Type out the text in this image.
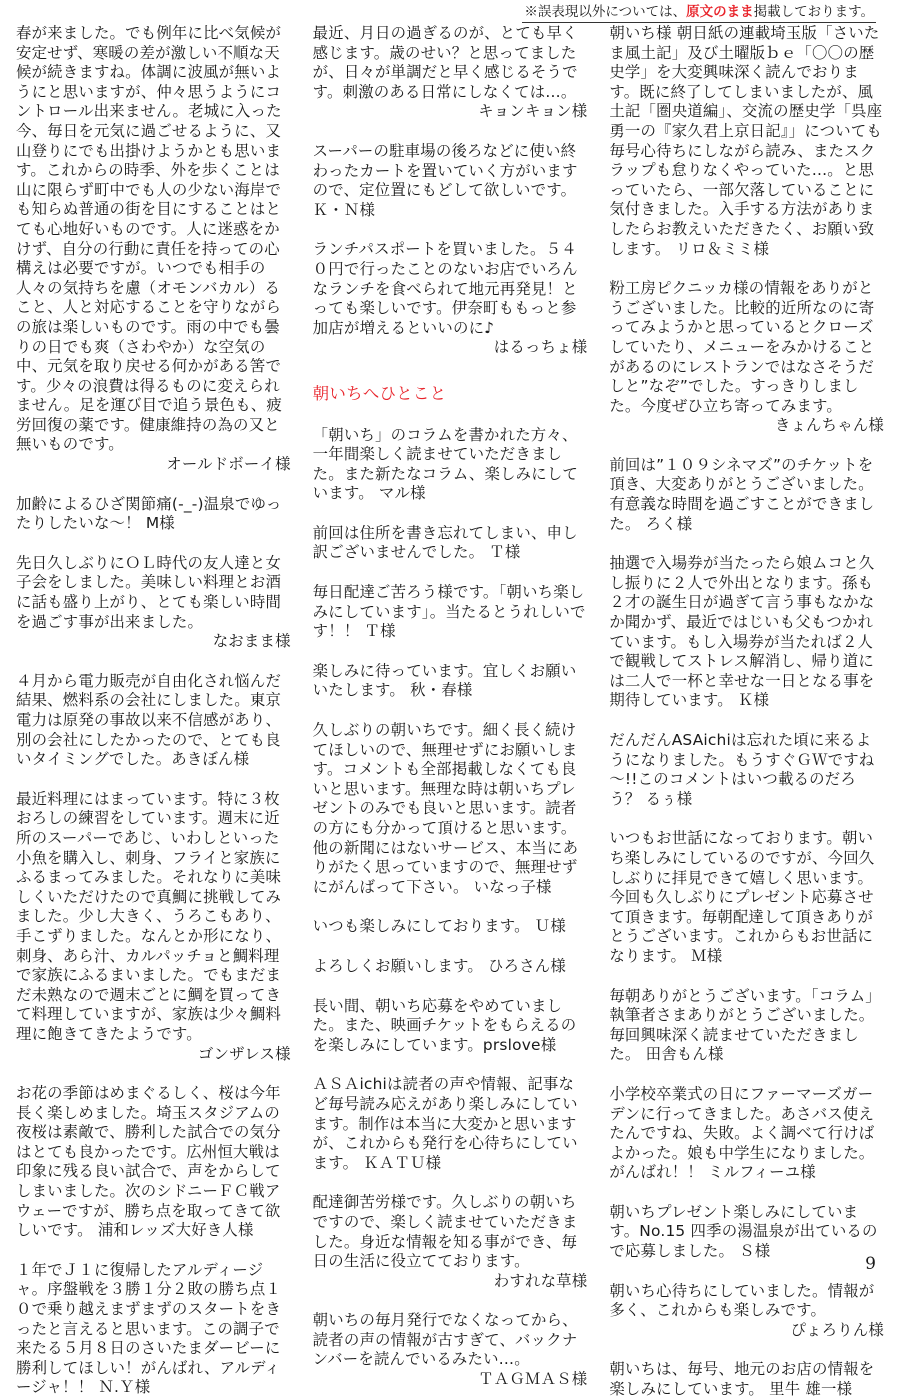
※誤表現以外については、原文のまま掲載しております。

春が来ました。でも例年に比べ気候が安定せず、寒暖の差が激しい不順な天候が続きますね。体調に波風が無いようにと思いますが、仲々思うようにコントロール出来ません。老城に入った今、毎日を元気に過ごせるように、又山登りにでも出掛けようかとも思います。これからの時季、外を歩くことは山に限らず町中でも人の少ない海岸でも知らぬ普通の街を目にすることはとても心地好いものです。人に迷惑をかけず、自分の行動に責任を持っての心構えは必要ですが。いつでも相手の人々の気持ちを慮（オモンバカル）ること、人と対応することを守りながらの旅は楽しいものです。雨の中でも曇りの日でも爽（さわやか）な空気の中、元気を取り戻せる何かがある筈です。少々の浪費は得るものに変えられません。足を運び目で追う景色も、疲労回復の薬です。健康維持の為の又と無いものです。

オールドボーイ様

加齢によるひざ関節痛(-_-)温泉でゆったりしたいな～！ M様

先日久しぶりにＯＬ時代の友人達と女子会をしました。美味しい料理とお酒に話も盛り上がり、とても楽しい時間を過ごす事が出来ました。

なおまま様

４月から電力販売が自由化され悩んだ結果、燃料系の会社にしました。東京電力は原発の事故以来不信感があり、別の会社にしたかったので、とても良いタイミングでした。あきぼん様

最近料理にはまっています。特に３枚おろしの練習をしています。週末に近所のスーパーであじ、いわしといった小魚を購入し、刺身、フライと家族にふるまってみました。それなりに美味しくいただけたので真鯛に挑戦してみました。少し大きく、うろこもあり、手こずりました。なんとか形になり、刺身、あら汁、カルパッチョと鯛料理で家族にふるまいました。でもまだまだ未熟なので週末ごとに鯛を買ってきて料理していますが、家族は少々鯛料理に飽きてきたようです。

ゴンザレス様

お花の季節はめまぐるしく、桜は今年長く楽しめました。埼玉スタジアムの夜桜は素敵で、勝利した試合での気分はとても良かったです。広州恒大戦は印象に残る良い試合で、声をからしてしまいました。次のシドニーＦＣ戦アウェーですが、勝ち点を取ってきて欲しいです。 浦和レッズ大好き人様

１年でＪ１に復帰したアルディージャ。序盤戦を３勝１分２敗の勝ち点１０で乗り越えまずまずのスタートをきったと言えると思います。この調子で来たる５月８日のさいたまダービーに勝利してほしい！がんばれ、アルディージャ！！ Ｎ.Ｙ様

最近、月日の過ぎるのが、とても早く感じます。歳のせい？と思ってましたが、日々が単調だと早く感じるそうです。刺激のある日常にしなくては…。

キョンキョン様

スーパーの駐車場の後ろなどに使い終わったカートを置いていく方がいますので、定位置にもどして欲しいです。 Ｋ・Ｎ様

ランチパスポートを買いました。５４０円で行ったことのないお店でいろんなランチを食べられて地元再発見！とっても楽しいです。伊奈町ももっと参加店が増えるといいのに♪

はるっちょ様

朝いちへひとこと

「朝いち」のコラムを書かれた方々、一年間楽しく読ませていただきました。また新たなコラム、楽しみにしています。 マル様

前回は住所を書き忘れてしまい、申し訳ございませんでした。 Ｔ様

毎日配達ご苦ろう様です。「朝いち楽しみにしています」。当たるとうれしいです！！ Ｔ様

楽しみに待っています。宜しくお願いいたします。 秋・春様

久しぶりの朝いちです。細く長く続けてほしいので、無理せずにお願いします。コメントも全部掲載しなくても良いと思います。無理な時は朝いちプレゼントのみでも良いと思います。読者の方にも分かって頂けると思います。他の新聞にはないサービス、本当にありがたく思っていますので、無理せずにがんばって下さい。 いなっ子様

いつも楽しみにしております。 Ｕ様

よろしくお願いします。 ひろさん様

長い間、朝いち応募をやめていました。また、映画チケットをもらえるのを楽しみにしています。prslove様

ＡＳＡichiは読者の声や情報、記事など毎号読み応えがあり楽しみにしています。制作は本当に大変かと思いますが、これからも発行を心待ちにしています。 ＫＡＴＵ様

配達御苦労様です。久しぶりの朝いちですので、楽しく読ませていただきました。身近な情報を知る事ができ、毎日の生活に役立てております。

わすれな草様

朝いちの毎月発行でなくなってから、読者の声の情報が古すぎて、バックナンバーを読んでいるみたい…。

ＴＡＧＭＡＳ様

朝いち様 朝日紙の連載埼玉版「さいたま風土記」及び土曜版ｂｅ「〇〇の歴史学」を大変興味深く読んでおります。既に終了してしまいましたが、風土記「圏央道編」、交流の歴史学「呉座勇一の『家久君上京日記』」についても毎号心待ちにしながら読み、またスクラップも怠りなくやっていた…。と思っていたら、一部欠落していることに気付きました。入手する方法がありましたらお教えいただきたく、お願い致します。 リロ＆ミミ様

粉工房ピクニッカ様の情報をありがとうございました。比較的近所なのに寄ってみようかと思っているとクローズしていたり、メニューをみかけることがあるのにレストランではなさそうだしと”なぞ”でした。すっきりしました。今度ぜひ立ち寄ってみます。

きょんちゃん様

前回は”１０９シネマズ”のチケットを頂き、大変ありがとうございました。有意義な時間を過ごすことができました。 ろく様

抽選で入場券が当たったら娘ムコと久し振りに２人で外出となります。孫も２才の誕生日が過ぎて言う事もなかなか聞かず、最近ではじいも父もつかれています。もし入場券が当たれば２人で観戦してストレス解消し、帰り道には二人で一杯と幸せな一日となる事を期待しています。 Ｋ様

だんだんASAichiは忘れた頃に来るようになりました。もうすぐＧＷですね～!!このコメントはいつ載るのだろう？ るぅ様

いつもお世話になっております。朝いち楽しみにしているのですが、今回久しぶりに拝見できて嬉しく思います。今回も久しぶりにプレゼント応募させて頂きます。毎朝配達して頂きありがとうございます。これからもお世話になります。 Ｍ様

毎朝ありがとうございます。「コラム」執筆者さまありがとうございました。毎回興味深く読ませていただきました。 田舎もん様

小学校卒業式の日にファーマーズガーデンに行ってきました。あさバス使えたんですね、失敗。よく調べて行けばよかった。娘も中学生になりました。がんばれ！！ ミルフィーユ様

朝いちプレゼント楽しみにしています。No.15 四季の湯温泉が出ているので応募しました。 Ｓ様

朝いち心待ちにしていました。情報が多く、これからも楽しみです。

ぴょろりん様

朝いちは、毎号、地元のお店の情報を楽しみにしています。 里牛 雄一様

9
